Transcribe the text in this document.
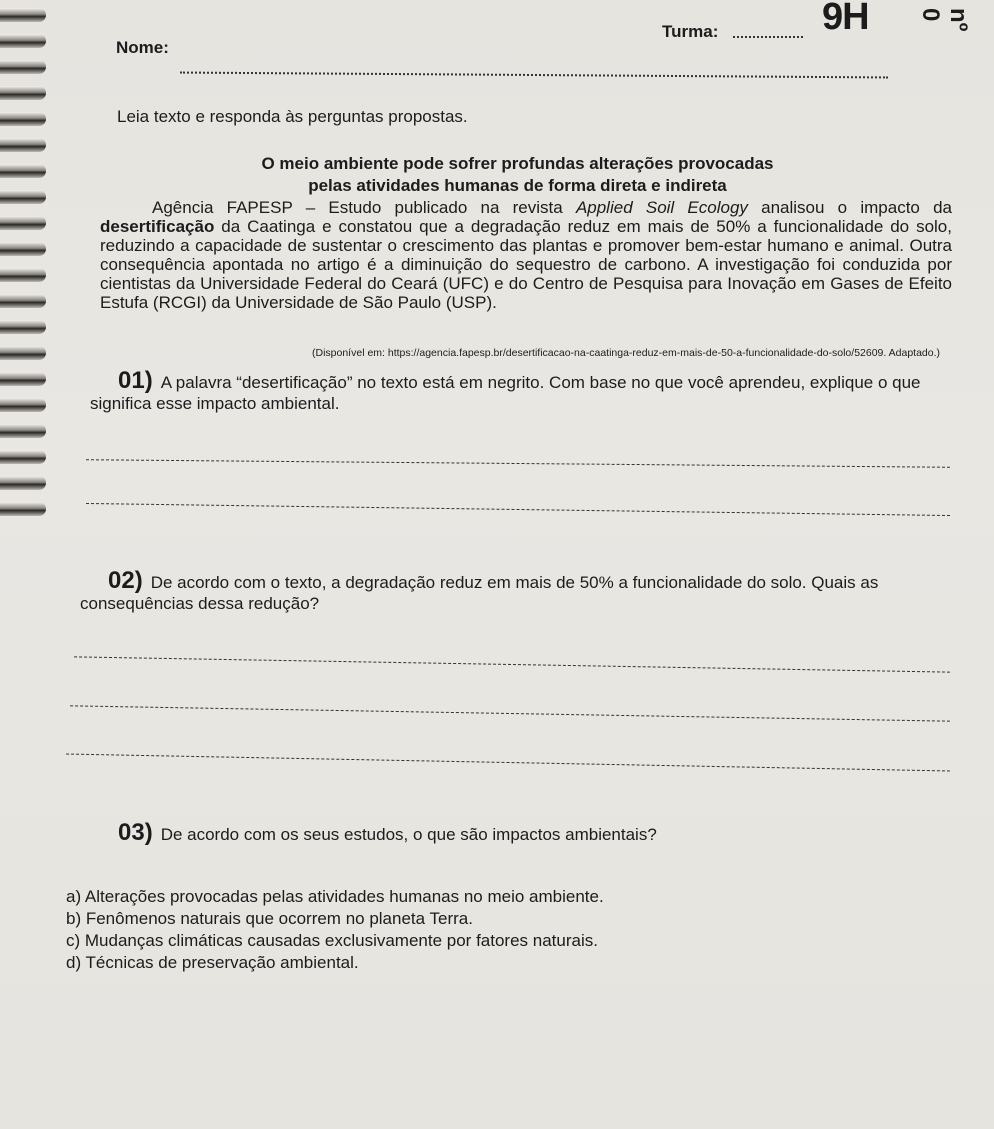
Turma:	9H	nº 0
Nome:

Leia texto e responda às perguntas propostas.

O meio ambiente pode sofrer profundas alterações provocadas
pelas atividades humanas de forma direta e indireta

Agência FAPESP – Estudo publicado na revista Applied Soil Ecology analisou o impacto da desertificação da Caatinga e constatou que a degradação reduz em mais de 50% a funcionalidade do solo, reduzindo a capacidade de sustentar o crescimento das plantas e promover bem-estar humano e animal. Outra consequência apontada no artigo é a diminuição do sequestro de carbono. A investigação foi conduzida por cientistas da Universidade Federal do Ceará (UFC) e do Centro de Pesquisa para Inovação em Gases de Efeito Estufa (RCGI) da Universidade de São Paulo (USP).

(Disponível em: https://agencia.fapesp.br/desertificacao-na-caatinga-reduz-em-mais-de-50-a-funcionalidade-do-solo/52609. Adaptado.)

01) A palavra “desertificação” no texto está em negrito. Com base no que você aprendeu, explique o que significa esse impacto ambiental.

02) De acordo com o texto, a degradação reduz em mais de 50% a funcionalidade do solo. Quais as consequências dessa redução?

03) De acordo com os seus estudos, o que são impactos ambientais?

a) Alterações provocadas pelas atividades humanas no meio ambiente.
b) Fenômenos naturais que ocorrem no planeta Terra.
c) Mudanças climáticas causadas exclusivamente por fatores naturais.
d) Técnicas de preservação ambiental.
